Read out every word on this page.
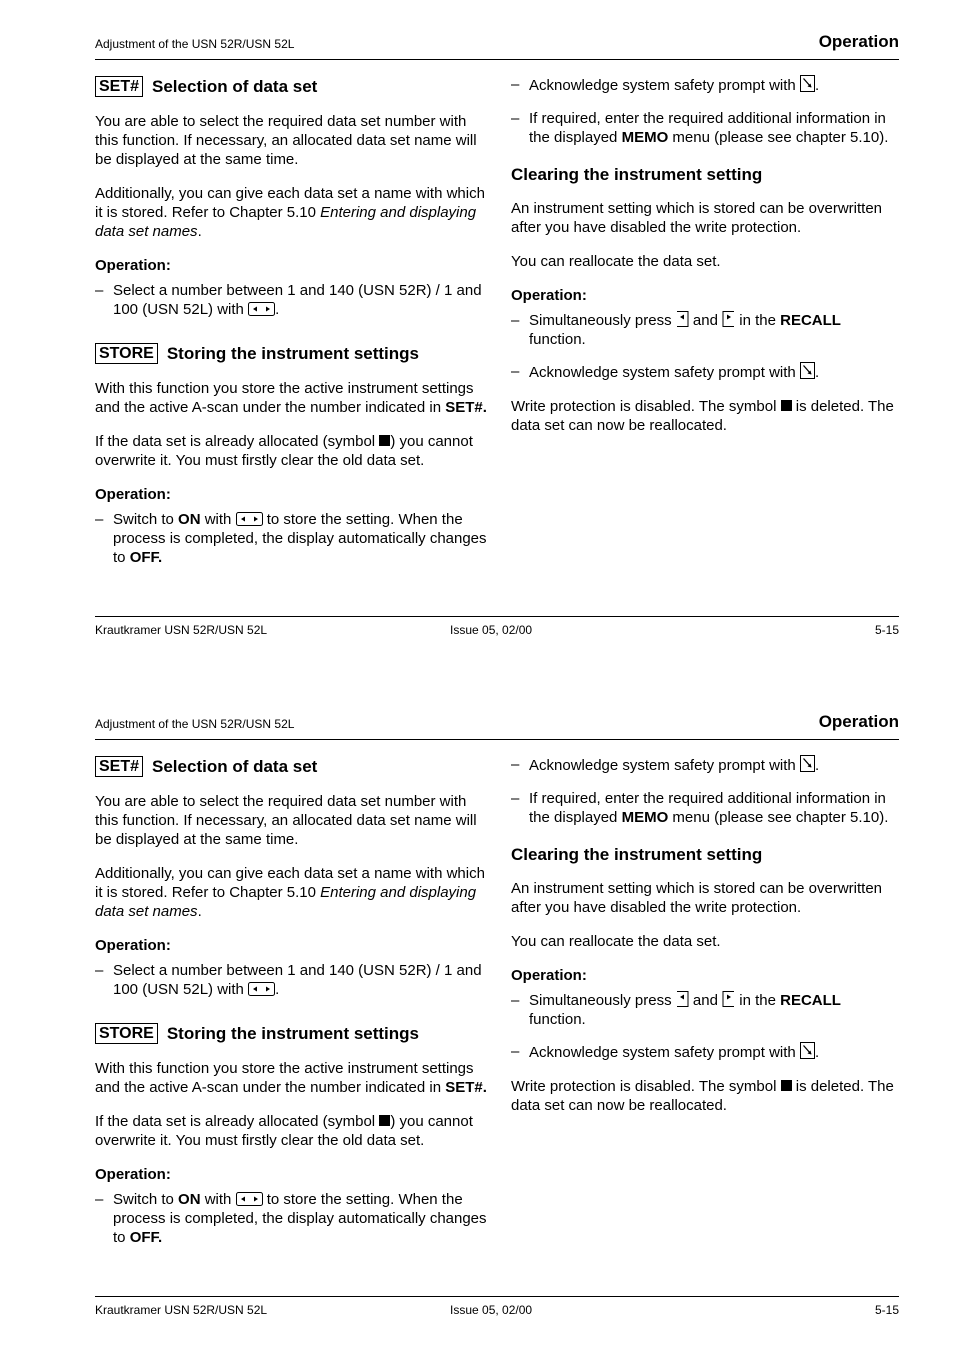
Adjustment of the USN 52R/USN 52L	Operation
SET# Selection of data set

You are able to select the required data set number with this function. If necessary, an allocated data set name will be displayed at the same time.

Additionally, you can give each data set a name with which it is stored. Refer to Chapter 5.10 Entering and displaying data set names.

Operation:

– Select a number between 1 and 140 (USN 52R) / 1 and 100 (USN 52L) with .
STORE Storing the instrument settings

With this function you store the active instrument settings and the active A-scan under the number indicated in SET#.

If the data set is already allocated (symbol ) you cannot overwrite it. You must firstly clear the old data set.

Operation:

– Switch to ON with  to store the setting. When the process is completed, the display automatically changes to OFF.
– Acknowledge system safety prompt with .
– If required, enter the required additional information in the displayed MEMO menu (please see chapter 5.10).
Clearing the instrument setting

An instrument setting which is stored can be overwritten after you have disabled the write protection.

You can reallocate the data set.

Operation:

– Simultaneously press  and  in the RECALL function.
– Acknowledge system safety prompt with .

Write protection is disabled. The symbol  is deleted. The data set can now be reallocated.

Krautkramer USN 52R/USN 52L	Issue 05, 02/00	5-15
Adjustment of the USN 52R/USN 52L	Operation
SET# Selection of data set

You are able to select the required data set number with this function. If necessary, an allocated data set name will be displayed at the same time.

Additionally, you can give each data set a name with which it is stored. Refer to Chapter 5.10 Entering and displaying data set names.

Operation:

– Select a number between 1 and 140 (USN 52R) / 1 and 100 (USN 52L) with .
STORE Storing the instrument settings

With this function you store the active instrument settings and the active A-scan under the number indicated in SET#.

If the data set is already allocated (symbol ) you cannot overwrite it. You must firstly clear the old data set.

Operation:

– Switch to ON with  to store the setting. When the process is completed, the display automatically changes to OFF.
– Acknowledge system safety prompt with .
– If required, enter the required additional information in the displayed MEMO menu (please see chapter 5.10).
Clearing the instrument setting

An instrument setting which is stored can be overwritten after you have disabled the write protection.

You can reallocate the data set.

Operation:

– Simultaneously press  and  in the RECALL function.
– Acknowledge system safety prompt with .

Write protection is disabled. The symbol  is deleted. The data set can now be reallocated.

Krautkramer USN 52R/USN 52L	Issue 05, 02/00	5-15
